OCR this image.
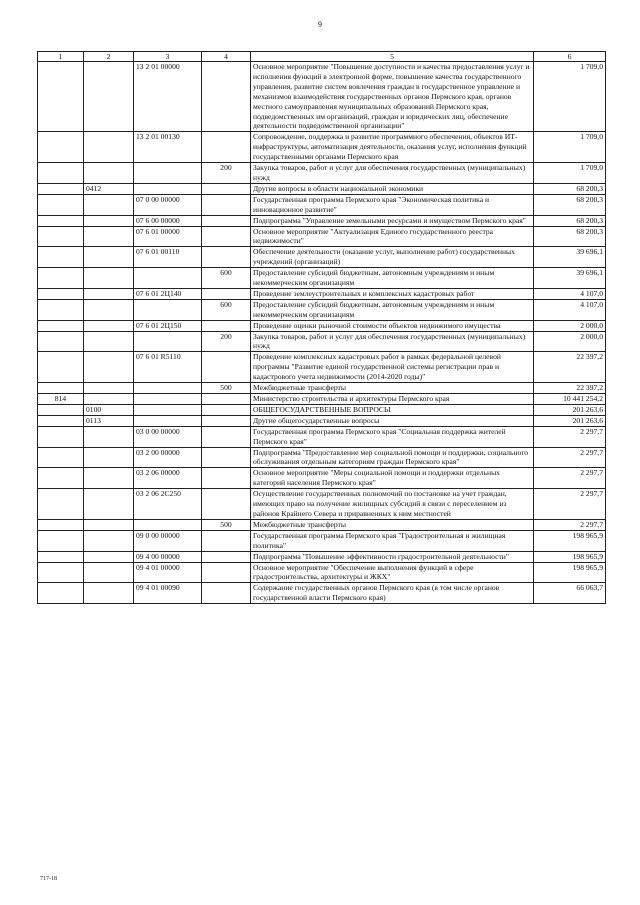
9
1	2	3	4	5	6
		13 2 01 00000		Основное мероприятие "Повышение доступности и качества предоставления услуг и исполнения функций в электронной форме, повышение качества государственного управления, развитие систем вовлечения граждан в государственное управление и механизмов взаимодействия государственных органов Пермского края, органов местного самоуправления муниципальных образований Пермского края, подведомственных им организаций, граждан и юридических лиц, обеспечение деятельности подведомственной организации"	1 709,0
		13 2 01 00130		Сопровождение, поддержка и развитие программного обеспечения, объектов ИТ-инфраструктуры, автоматизация деятельности, оказания услуг, исполнения функций государственными органами Пермского края	1 709,0
			200	Закупка товаров, работ и услуг для обеспечения государственных (муниципальных) нужд	1 709,0
	0412			Другие вопросы в области национальной экономики	68 200,3
		07 0 00 00000		Государственная программа Пермского края "Экономическая политика и инновационное развитие"	68 200,3
		07 6 00 00000		Подпрограмма "Управление земельными ресурсами и имуществом Пермского края"	68 200,3
		07 6 01 00000		Основное мероприятие "Актуализация Единого государственного реестра недвижимости"	68 200,3
		07 6 01 00110		Обеспечение деятельности (оказание услуг, выполнение работ) государственных учреждений (организаций)	39 696,1
			600	Предоставление субсидий бюджетным, автономным учреждениям и иным некоммерческим организациям	39 696,1
		07 6 01 2Ц140		Проведение землеустроительных и комплексных кадастровых работ	4 107,0
			600	Предоставление субсидий бюджетным, автономным учреждениям и иным некоммерческим организациям	4 107,0
		07 6 01 2Ц150		Проведение оценки рыночной стоимости объектов недвижимого имущества	2 000,0
			200	Закупка товаров, работ и услуг для обеспечения государственных (муниципальных) нужд	2 000,0
		07 6 01 R5110		Проведение комплексных кадастровых работ в рамках федеральной целевой программы "Развитие единой государственной системы регистрации прав и кадастрового учета недвижимости (2014-2020 годы)"	22 397,2
			500	Межбюджетные трансферты	22 397,2
814				Министерство строительства и архитектуры Пермского края	10 441 254,2
	0100			ОБЩЕГОСУДАРСТВЕННЫЕ ВОПРОСЫ	201 263,6
	0113			Другие общегосударственные вопросы	201 263,6
		03 0 00 00000		Государственная программа Пермского края "Социальная поддержка жителей Пермского края"	2 297,7
		03 2 00 00000		Подпрограмма "Предоставление мер социальной помощи и поддержки, социального обслуживания отдельным категориям граждан Пермского края"	2 297,7
		03 2 06 00000		Основное мероприятие "Меры социальной помощи и поддержки отдельных категорий населения Пермского края"	2 297,7
		03 2 06 2С250		Осуществление государственных полномочий по постановке на учет граждан, имеющих право на получение жилищных субсидий в связи с переселением из районов Крайнего Севера и приравненных к ним местностей	2 297,7
			500	Межбюджетные трансферты	2 297,7
		09 0 00 00000		Государственная программа Пермского края "Градостроительная и жилищная политика"	198 965,9
		09 4 00 00000		Подпрограмма "Повышение эффективности градостроительной деятельности"	198 965,9
		09 4 01 00000		Основное мероприятие "Обеспечение выполнения функций в сфере градостроительства, архитектуры и ЖКХ"	198 965,9
		09 4 01 00090		Содержание государственных органов Пермского края (в том числе органов государственной власти Пермского края)	66 063,7
717-18
